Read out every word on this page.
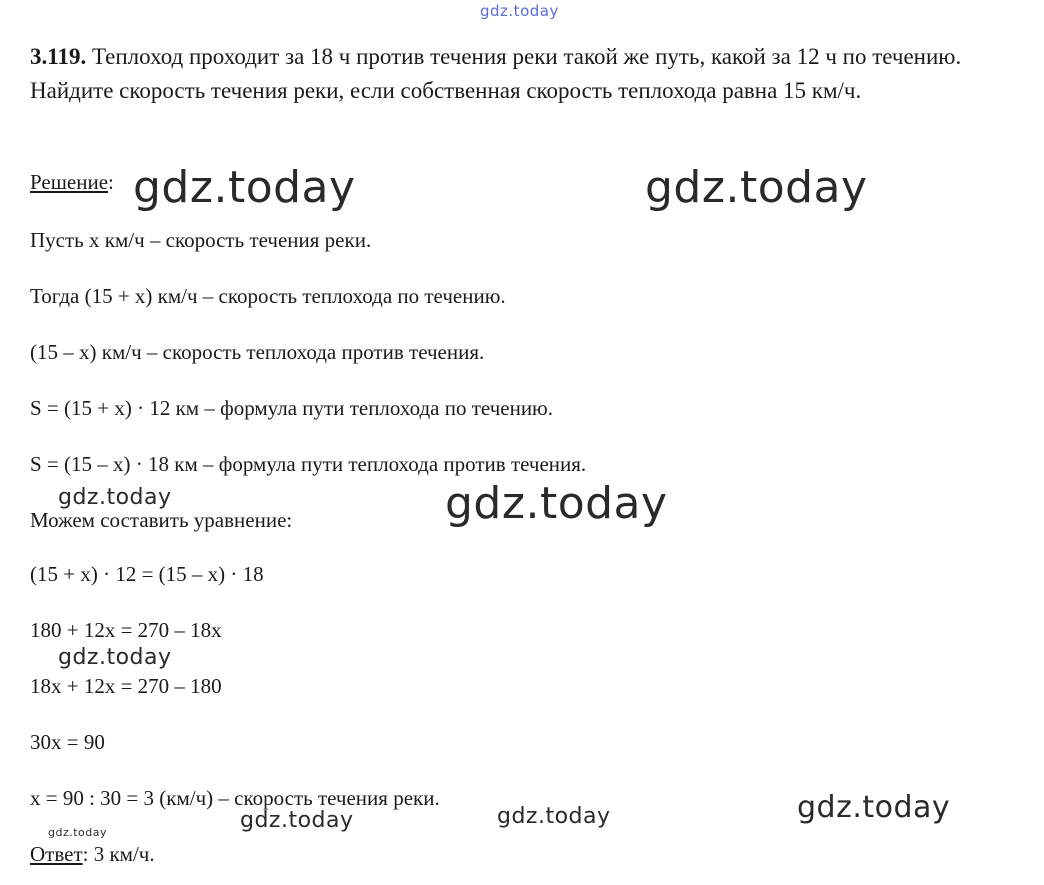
gdz.today
3.119. Теплоход проходит за 18 ч против течения реки такой же путь, какой за 12 ч по течению. Найдите скорость течения реки, если собственная скорость теплохода равна 15 км/ч.
Решение:
Пусть x км/ч – скорость течения реки.
Тогда (15 + x) км/ч – скорость теплохода по течению.
(15 – x) км/ч – скорость теплохода против течения.
S = (15 + x) · 12 км – формула пути теплохода по течению.
S = (15 – x) · 18 км – формула пути теплохода против течения.
Можем составить уравнение:
(15 + x) · 12 = (15 – x) · 18
180 + 12x = 270 – 18x
18x + 12x = 270 – 180
30x = 90
x = 90 : 30 = 3 (км/ч) – скорость течения реки.
Ответ: 3 км/ч.
gdz.today	gdz.today
gdz.today	gdz.today
gdz.today
gdz.today
gdz.today	gdz.today
gdz.today
